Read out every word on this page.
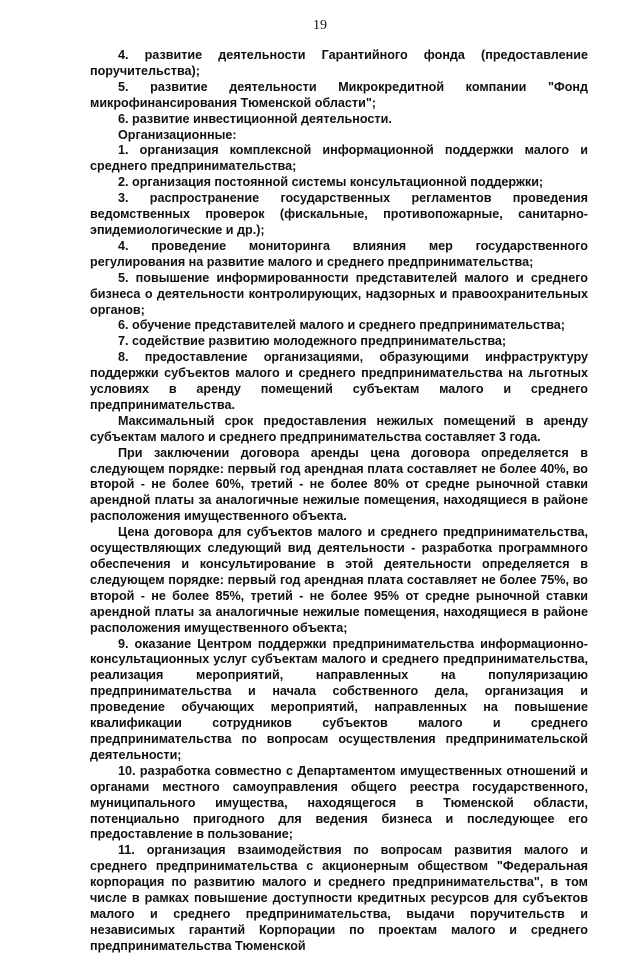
19

4. развитие деятельности Гарантийного фонда (предоставление поручительства);

5. развитие деятельности Микрокредитной компании "Фонд микрофинансирования Тюменской области";

6. развитие инвестиционной деятельности.

Организационные:

1. организация комплексной информационной поддержки малого и среднего предпринимательства;

2. организация постоянной системы консультационной поддержки;

3. распространение государственных регламентов проведения ведомственных проверок (фискальные, противопожарные, санитарно-эпидемиологические и др.);

4. проведение мониторинга влияния мер государственного регулирования на развитие малого и среднего предпринимательства;

5. повышение информированности представителей малого и среднего бизнеса о деятельности контролирующих, надзорных и правоохранительных органов;

6. обучение представителей малого и среднего предпринимательства;

7. содействие развитию молодежного предпринимательства;

8. предоставление организациями, образующими инфраструктуру поддержки субъектов малого и среднего предпринимательства на льготных условиях в аренду помещений субъектам малого и среднего предпринимательства.

Максимальный срок предоставления нежилых помещений в аренду субъектам малого и среднего предпринимательства составляет 3 года.

При заключении договора аренды цена договора определяется в следующем порядке: первый год арендная плата составляет не более 40%, во второй - не более 60%, третий - не более 80% от средне рыночной ставки арендной платы за аналогичные нежилые помещения, находящиеся в районе расположения имущественного объекта.

Цена договора для субъектов малого и среднего предпринимательства, осуществляющих следующий вид деятельности - разработка программного обеспечения и консультирование в этой деятельности определяется в следующем порядке: первый год арендная плата составляет не более 75%, во второй - не более 85%, третий - не более 95% от средне рыночной ставки арендной платы за аналогичные нежилые помещения, находящиеся в районе расположения имущественного объекта;

9. оказание Центром поддержки предпринимательства информационно-консультационных услуг субъектам малого и среднего предпринимательства, реализация мероприятий, направленных на популяризацию предпринимательства и начала собственного дела, организация и проведение обучающих мероприятий, направленных на повышение квалификации сотрудников субъектов малого и среднего предпринимательства по вопросам осуществления предпринимательской деятельности;

10. разработка совместно с Департаментом имущественных отношений и органами местного самоуправления общего реестра государственного, муниципального имущества, находящегося в Тюменской области, потенциально пригодного для ведения бизнеса и последующее его предоставление в пользование;

11. организация взаимодействия по вопросам развития малого и среднего предпринимательства с акционерным обществом "Федеральная корпорация по развитию малого и среднего предпринимательства", в том числе в рамках повышение доступности кредитных ресурсов для субъектов малого и среднего предпринимательства, выдачи поручительств и независимых гарантий Корпорации по проектам малого и среднего предпринимательства Тюменской
